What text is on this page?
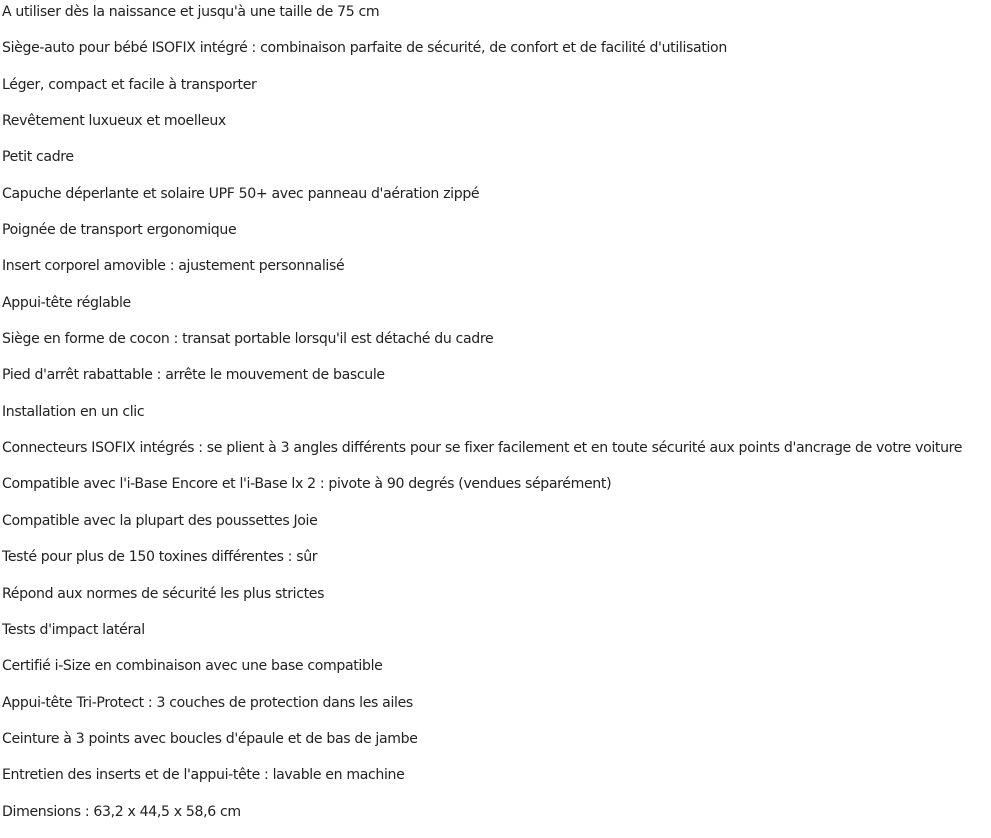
A utiliser dès la naissance et jusqu'à une taille de 75 cm
Siège-auto pour bébé ISOFIX intégré : combinaison parfaite de sécurité, de confort et de facilité d'utilisation
Léger, compact et facile à transporter
Revêtement luxueux et moelleux
Petit cadre
Capuche déperlante et solaire UPF 50+ avec panneau d'aération zippé
Poignée de transport ergonomique
Insert corporel amovible : ajustement personnalisé
Appui-tête réglable
Siège en forme de cocon : transat portable lorsqu'il est détaché du cadre
Pied d'arrêt rabattable : arrête le mouvement de bascule
Installation en un clic
Connecteurs ISOFIX intégrés : se plient à 3 angles différents pour se fixer facilement et en toute sécurité aux points d'ancrage de votre voiture
Compatible avec l'i-Base Encore et l'i-Base lx 2 : pivote à 90 degrés (vendues séparément)
Compatible avec la plupart des poussettes Joie
Testé pour plus de 150 toxines différentes : sûr
Répond aux normes de sécurité les plus strictes
Tests d'impact latéral
Certifié i-Size en combinaison avec une base compatible
Appui-tête Tri-Protect : 3 couches de protection dans les ailes
Ceinture à 3 points avec boucles d'épaule et de bas de jambe
Entretien des inserts et de l'appui-tête : lavable en machine
Dimensions : 63,2 x 44,5 x 58,6 cm
